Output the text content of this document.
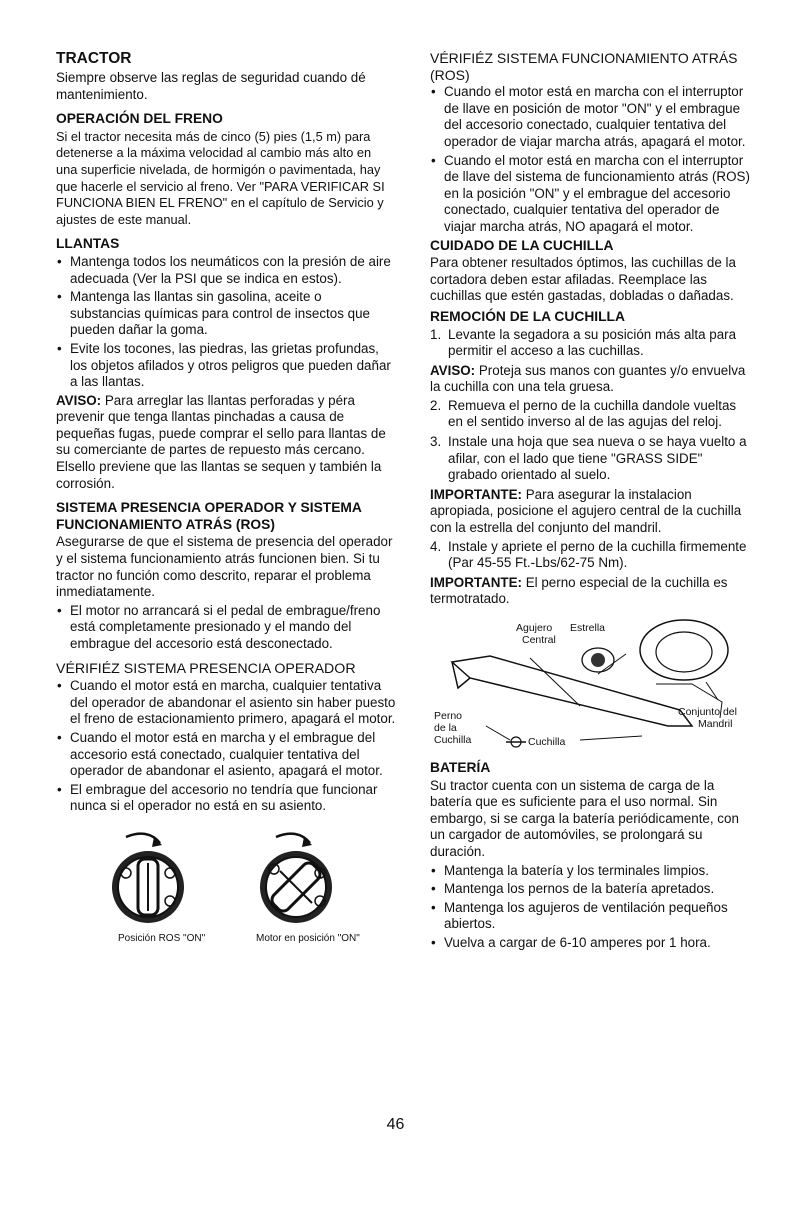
TRACTOR

Siempre observe las reglas de seguridad cuando dé mantenimiento.

OPERACIÓN DEL FRENO

Si el tractor necesita más de cinco (5) pies (1,5 m) para detenerse a la máxima velocidad al cambio más alto en una superficie nivelada, de hormigón o pavimentada, hay que hacerle el servicio al freno. Ver "PARA VERIFICAR SI FUNCIONA BIEN EL FRENO" en el capítulo de Servicio y ajustes de este manual.

LLANTAS
• Mantenga todos los neumáticos con la presión de aire adecuada (Ver la PSI que se indica en estos).
• Mantenga las llantas sin gasolina, aceite o substancias químicas para control de insectos que pueden dañar la goma.
• Evite los tocones, las piedras, las grietas profundas, los objetos afilados y otros peligros que pueden dañar a las llantas.

AVISO: Para arreglar las llantas perforadas y péra prevenir que tenga llantas pinchadas a causa de pequeñas fugas, puede comprar el sello para llantas de su comerciante de partes de repuesto más cercano. Elsello previene que las llantas se sequen y también la corrosión.

SISTEMA PRESENCIA OPERADOR Y SISTEMA FUNCIONAMIENTO ATRÁS (ROS)

Asegurarse de que el sistema de presencia del operador y el sistema funcionamiento atrás funcionen bien. Si tu tractor no función como descrito, reparar el problema inmediatamente.

• El motor no arrancará si el pedal de embrague/freno está completamente presionado y el mando del embrague del accesorio está desconectado.
VÉRIFIÉZ SISTEMA PRESENCIA OPERADOR
• Cuando el motor está en marcha, cualquier tentativa del operador de abandonar el asiento sin haber puesto el freno de estacionamiento primero, apagará el motor.
• Cuando el motor está en marcha y el embrague del accesorio está conectado, cualquier tentativa del operador de abandonar el asiento, apagará el motor.
• El embrague del accesorio no tendría que funcionar nunca si el operador no está en su asiento.
Posición ROS "ON"	Motor en posición "ON"
VÉRIFIÉZ SISTEMA FUNCIONAMIENTO ATRÁS (ROS)
• Cuando el motor está en marcha con el interruptor de llave en posición de motor "ON" y el embrague del accesorio conectado, cualquier tentativa del operador de viajar marcha atrás, apagará el motor.
• Cuando el motor está en marcha con el interruptor de llave del sistema de funcionamiento atrás (ROS) en la posición "ON" y el embrague del accesorio conectado, cualquier tentativa del operador de viajar marcha atrás, NO apagará el motor.
CUIDADO DE LA CUCHILLA

Para obtener resultados óptimos, las cuchillas de la cortadora deben estar afiladas. Reemplace las cuchillas que estén gastadas, dobladas o dañadas.

REMOCIÓN DE LA CUCHILLA
1. Levante la segadora a su posición más alta para permitir el acceso a las cuchillas.

AVISO: Proteja sus manos con guantes y/o envuelva la cuchilla con una tela gruesa.

2. Remueva el perno de la cuchilla dandole vueltas en el sentido inverso al de las agujas del reloj.
3. Instale una hoja que sea nueva o se haya vuelto a afilar, con el lado que tiene "GRASS SIDE" grabado orientado al suelo.

IMPORTANTE: Para asegurar la instalacion apropiada, posicione el agujero central de la cuchilla con la estrella del conjunto del mandril.

4. Instale y apriete el perno de la cuchilla firmemente (Par 45-55 Ft.-Lbs/62-75 Nm).

IMPORTANTE: El perno especial de la cuchilla es termotratado.

Agujero
Central
Estrella
Perno
de la
Cuchilla	Cuchilla
Conjunto del
Mandril
BATERÍA

Su tractor cuenta con un sistema de carga de la batería que es suficiente para el uso normal. Sin embargo, si se carga la batería periódicamente, con un cargador de automóviles, se prolongará su duración.

• Mantenga la batería y los terminales limpios.
• Mantenga los pernos de la batería apretados.
• Mantenga los agujeros de ventilación pequeños abiertos.
• Vuelva a cargar de 6-10 amperes por 1 hora.
46
